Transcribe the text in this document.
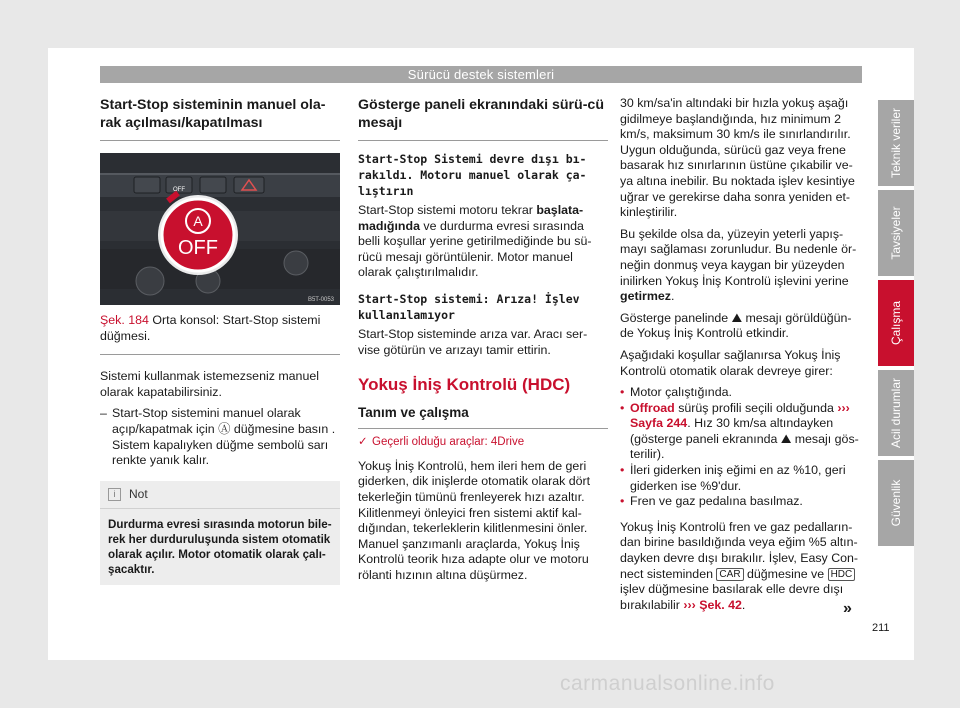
Sürücü destek sistemleri
Start-Stop sisteminin manuel ola-rak açılması/kapatılması
A
OFF
OFF
B5T-0053
Şek. 184 Orta konsol: Start-Stop sistemi düğmesi.

Sistemi kullanmak istemezseniz manuel olarak kapatabilirsiniz.

– Start-Stop sistemini manuel olarak açıp/kapatmak için Ⓐ düğmesine basın . Sistem kapalıyken düğme sembolü sarı renkte yanık kalır.
i	Not
Durdurma evresi sırasında motorun bile-rek her durduruluşunda sistem otomatik olarak açılır. Motor otomatik olarak çalı-şacaktır.
Gösterge paneli ekranındaki sürü-cü mesajı
Start-Stop Sistemi devre dışı bı-rakıldı. Motoru manuel olarak ça-lıştırın

Start-Stop sistemi motoru tekrar başlata-madığında ve durdurma evresi sırasında belli koşullar yerine getirilmediğinde bu sü-rücü mesajı görüntülenir. Motor manuel olarak çalıştırılmalıdır.

Start-Stop sistemi: Arıza! İşlev kullanılamıyor

Start-Stop sisteminde arıza var. Aracı ser-vise götürün ve arızayı tamir ettirin.

Yokuş İniş Kontrolü (HDC)
Tanım ve çalışma
✓ Geçerli olduğu araçlar: 4Drive

Yokuş İniş Kontrolü, hem ileri hem de geri giderken, dik inişlerde otomatik olarak dört tekerleğin tümünü frenleyerek hızı azaltır. Kilitlenmeyi önleyici fren sistemi aktif kal-dığından, tekerleklerin kilitlenmesini önler. Manuel şanzımanlı araçlarda, Yokuş İniş Kontrolü teorik hıza adapte olur ve motoru rölanti hızının altına düşürmez.

30 km/sa'in altındaki bir hızla yokuş aşağı gidilmeye başlandığında, hız minimum 2 km/s, maksimum 30 km/s ile sınırlandırılır. Uygun olduğunda, sürücü gaz veya frene basarak hız sınırlarının üstüne çıkabilir ve-ya altına inebilir. Bu noktada işlev kesintiye uğrar ve gerekirse daha sonra yeniden et-kinleştirilir.

Bu şekilde olsa da, yüzeyin yeterli yapış-mayı sağlaması zorunludur. Bu nedenle ör-neğin donmuş veya kaygan bir yüzeyden inilirken Yokuş İniş Kontrolü işlevini yerine getirmez.

Gösterge panelinde ⛰ mesajı görüldüğün-de Yokuş İniş Kontrolü etkindir.

Aşağıdaki koşullar sağlanırsa Yokuş İniş Kontrolü otomatik olarak devreye girer:

• Motor çalıştığında.
• Offroad sürüş profili seçili olduğunda ››› Sayfa 244. Hız 30 km/sa altındayken (gösterge paneli ekranında ⛰ mesajı gös-terilir).
• İleri giderken iniş eğimi en az %10, geri giderken ise %9'dur.
• Fren ve gaz pedalına basılmaz.

Yokuş İniş Kontrolü fren ve gaz pedalların-dan birine basıldığında veya eğim %5 altın-dayken devre dışı bırakılır. İşlev, Easy Con-nect sisteminden CAR düğmesine ve HDC işlev düğmesine basılarak elle devre dışı bırakılabilir ››› Şek. 42.

Teknik veriler
Tavsiyeler
Çalışma
Acil durumlar
Güvenlik
»
211
carmanualsonline.info
